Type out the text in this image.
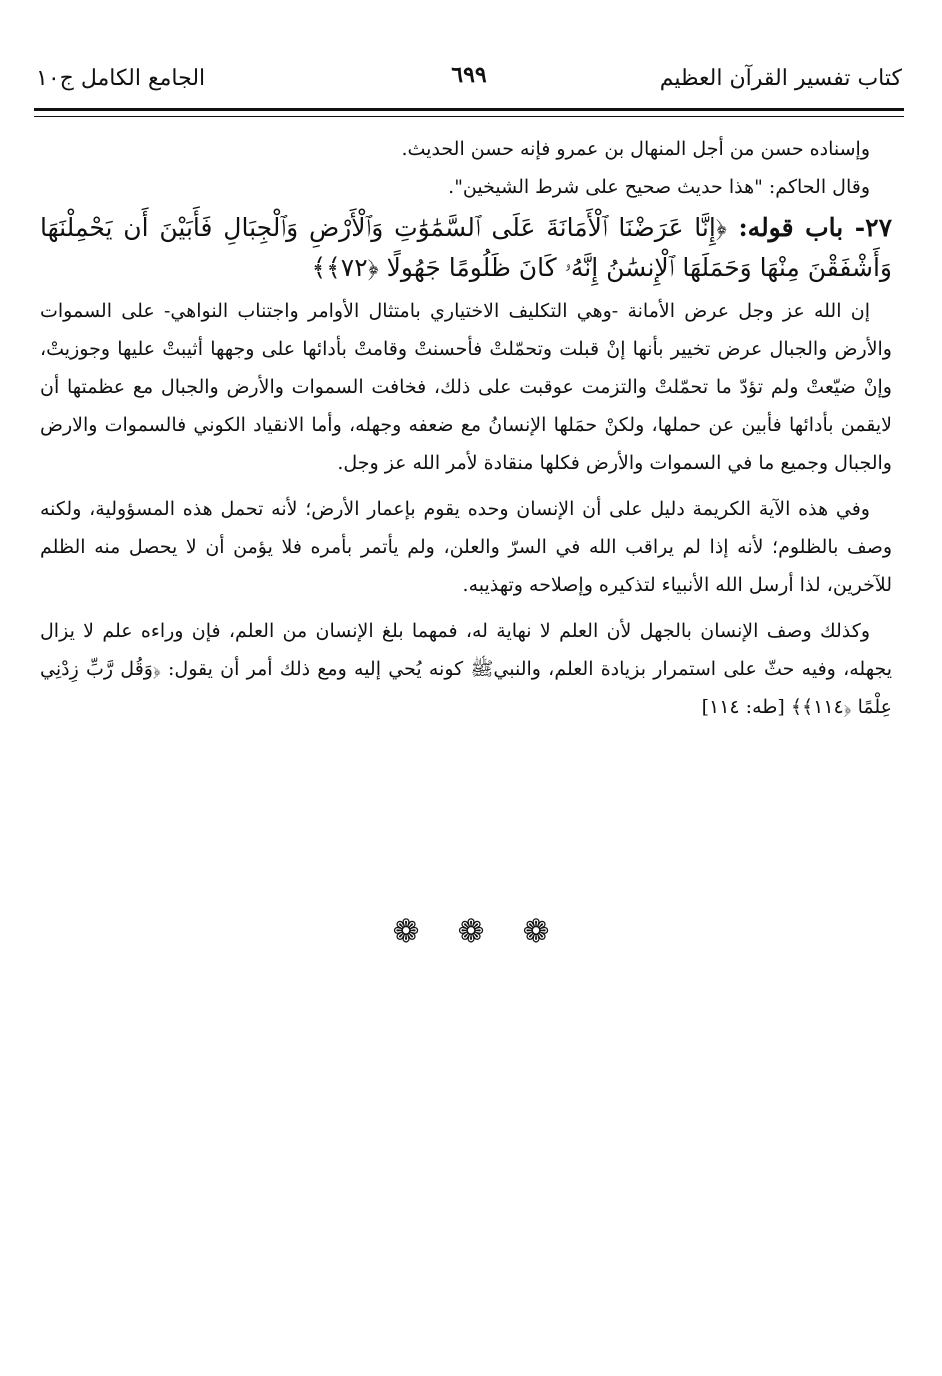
كتاب تفسير القرآن العظيم
٦٩٩
الجامع الكامل ج١٠

وإسناده حسن من أجل المنهال بن عمرو فإنه حسن الحديث.

وقال الحاكم: "هذا حديث صحيح على شرط الشيخين".

٢٧- باب قوله: ﴿إِنَّا عَرَضْنَا ٱلْأَمَانَةَ عَلَى ٱلسَّمَٰوَٰتِ وَٱلْأَرْضِ وَٱلْجِبَالِ فَأَبَيْنَ أَن يَحْمِلْنَهَا وَأَشْفَقْنَ مِنْهَا وَحَمَلَهَا ٱلْإِنسَٰنُ إِنَّهُۥ كَانَ ظَلُومًا جَهُولًا ﴿٧٢﴾﴾

إن الله عز وجل عرض الأمانة -وهي التكليف الاختياري بامتثال الأوامر واجتناب النواهي- على السموات والأرض والجبال عرض تخيير بأنها إنْ قبلت وتحمّلتْ فأحسنتْ وقامتْ بأدائها على وجهها أثيبتْ عليها وجوزيتْ، وإنْ ضيّعتْ ولم تؤدّ ما تحمّلتْ والتزمت عوقبت على ذلك، فخافت السموات والأرض والجبال مع عظمتها أن لايقمن بأدائها فأبين عن حملها، ولكنْ حمَلها الإنسانُ مع ضعفه وجهله، وأما الانقياد الكوني فالسموات والارض والجبال وجميع ما في السموات والأرض فكلها منقادة لأمر الله عز وجل.

وفي هذه الآية الكريمة دليل على أن الإنسان وحده يقوم بإعمار الأرض؛ لأنه تحمل هذه المسؤولية، ولكنه وصف بالظلوم؛ لأنه إذا لم يراقب الله في السرّ والعلن، ولم يأتمر بأمره فلا يؤمن أن لا يحصل منه الظلم للآخرين، لذا أرسل الله الأنبياء لتذكيره وإصلاحه وتهذيبه.

وكذلك وصف الإنسان بالجهل لأن العلم لا نهاية له، فمهما بلغ الإنسان من العلم، فإن وراءه علم لا يزال يجهله، وفيه حثّ على استمرار بزيادة العلم، والنبيﷺ كونه يُحي إليه ومع ذلك أمر أن يقول: ﴿وَقُل رَّبِّ زِدْنِي عِلْمًا ﴿١١٤﴾﴾ [طه: ١١٤]

❁ ❁ ❁
